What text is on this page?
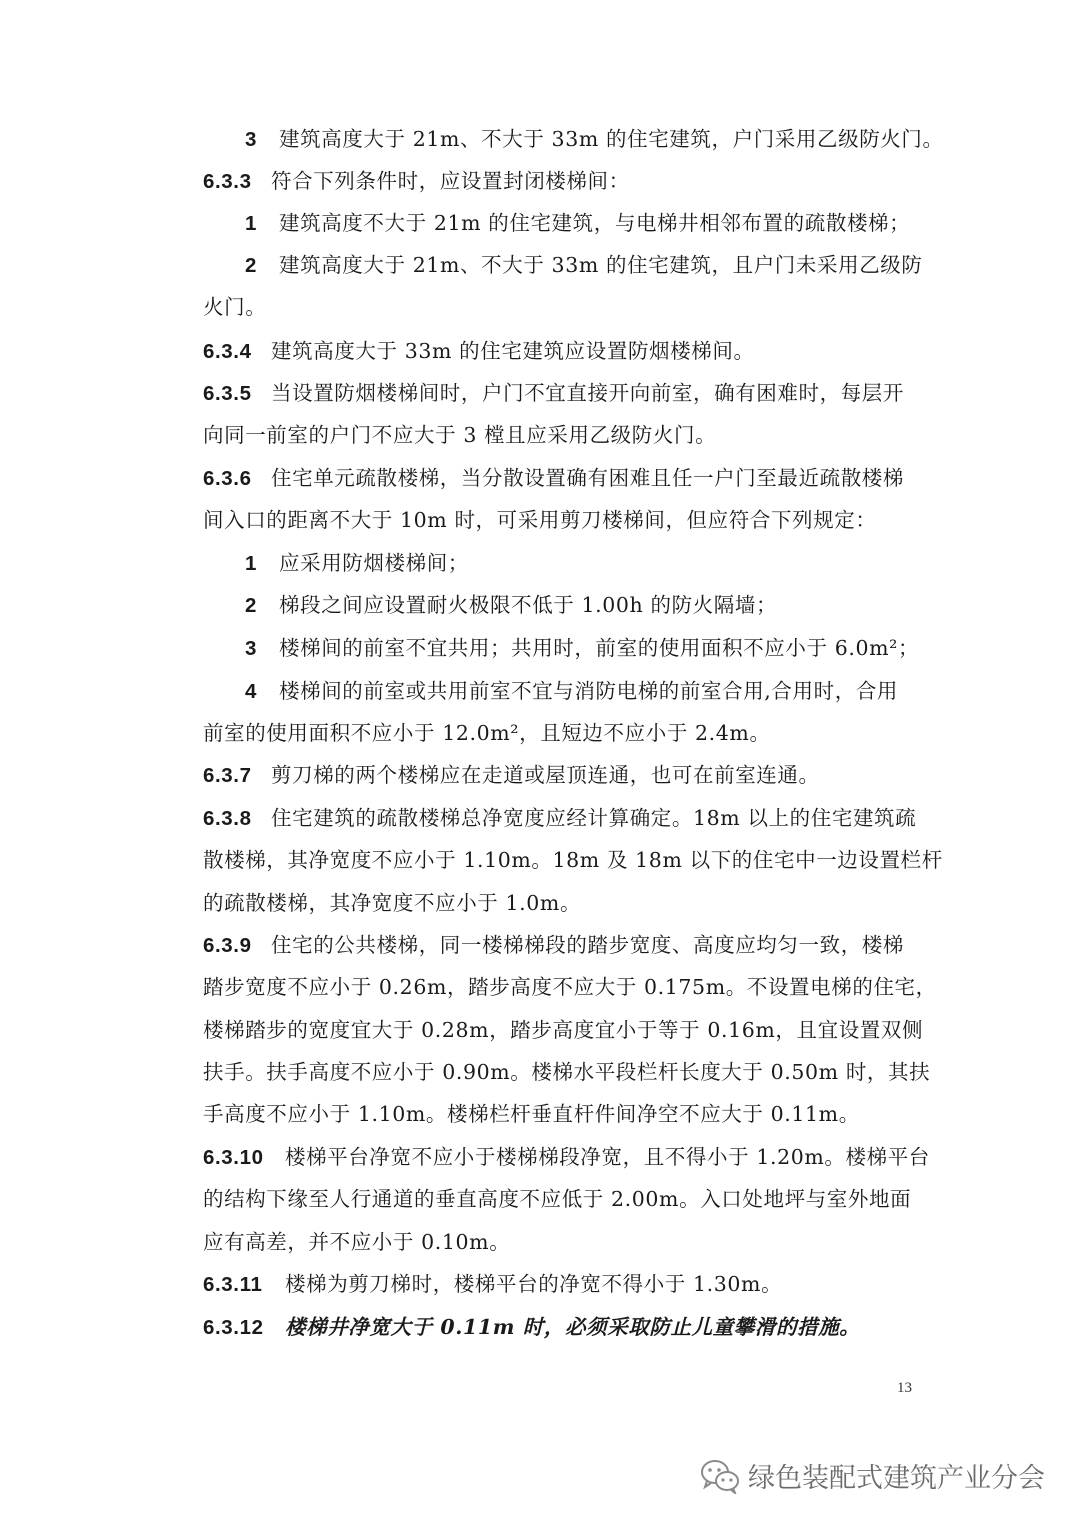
3 建筑高度大于 21m、不大于 33m 的住宅建筑，户门采用乙级防火门。
6.3.3 符合下列条件时，应设置封闭楼梯间：
1 建筑高度不大于 21m 的住宅建筑，与电梯井相邻布置的疏散楼梯；
2 建筑高度大于 21m、不大于 33m 的住宅建筑，且户门未采用乙级防
火门。
6.3.4 建筑高度大于 33m 的住宅建筑应设置防烟楼梯间。
6.3.5 当设置防烟楼梯间时，户门不宜直接开向前室，确有困难时，每层开
向同一前室的户门不应大于 3 樘且应采用乙级防火门。
6.3.6 住宅单元疏散楼梯，当分散设置确有困难且任一户门至最近疏散楼梯
间入口的距离不大于 10m 时，可采用剪刀楼梯间，但应符合下列规定：
1 应采用防烟楼梯间；
2 梯段之间应设置耐火极限不低于 1.00h 的防火隔墙；
3 楼梯间的前室不宜共用；共用时，前室的使用面积不应小于 6.0m²；
4 楼梯间的前室或共用前室不宜与消防电梯的前室合用,合用时，合用
前室的使用面积不应小于 12.0m²，且短边不应小于 2.4m。
6.3.7 剪刀梯的两个楼梯应在走道或屋顶连通，也可在前室连通。
6.3.8 住宅建筑的疏散楼梯总净宽度应经计算确定。18m 以上的住宅建筑疏
散楼梯，其净宽度不应小于 1.10m。18m 及 18m 以下的住宅中一边设置栏杆
的疏散楼梯，其净宽度不应小于 1.0m。
6.3.9 住宅的公共楼梯，同一楼梯梯段的踏步宽度、高度应均匀一致，楼梯
踏步宽度不应小于 0.26m，踏步高度不应大于 0.175m。不设置电梯的住宅，
楼梯踏步的宽度宜大于 0.28m，踏步高度宜小于等于 0.16m，且宜设置双侧
扶手。扶手高度不应小于 0.90m。楼梯水平段栏杆长度大于 0.50m 时，其扶
手高度不应小于 1.10m。楼梯栏杆垂直杆件间净空不应大于 0.11m。
6.3.10 楼梯平台净宽不应小于楼梯梯段净宽，且不得小于 1.20m。楼梯平台
的结构下缘至人行通道的垂直高度不应低于 2.00m。入口处地坪与室外地面
应有高差，并不应小于 0.10m。
6.3.11 楼梯为剪刀梯时，楼梯平台的净宽不得小于 1.30m。
6.3.12 楼梯井净宽大于 0.11m 时，必须采取防止儿童攀滑的措施。
13
绿色装配式建筑产业分会
